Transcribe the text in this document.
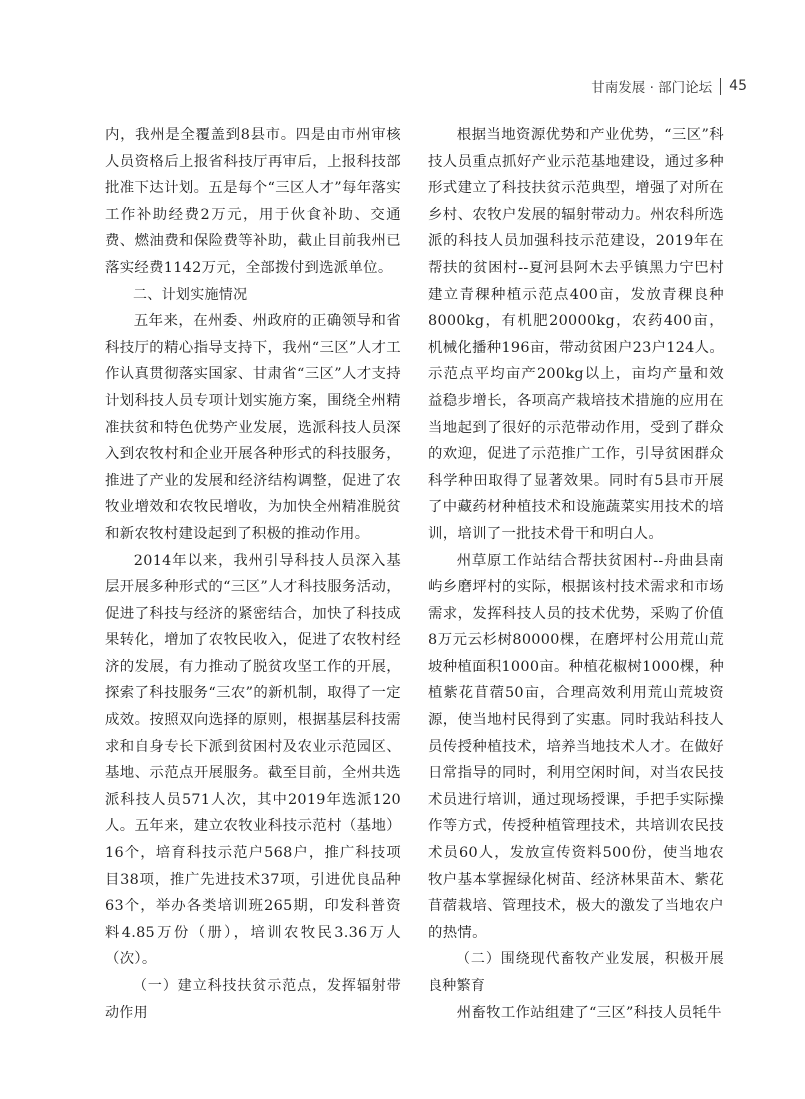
甘南发展 · 部门论坛 45

内，我州是全覆盖到8县市。四是由市州审核人员资格后上报省科技厅再审后，上报科技部批准下达计划。五是每个“三区人才”每年落实工作补助经费2万元，用于伙食补助、交通费、燃油费和保险费等补助，截止目前我州已落实经费1142万元，全部拨付到选派单位。

二、计划实施情况

五年来，在州委、州政府的正确领导和省科技厅的精心指导支持下，我州“三区”人才工作认真贯彻落实国家、甘肃省“三区”人才支持计划科技人员专项计划实施方案，围绕全州精准扶贫和特色优势产业发展，选派科技人员深入到农牧村和企业开展各种形式的科技服务，推进了产业的发展和经济结构调整，促进了农牧业增效和农牧民增收，为加快全州精准脱贫和新农牧村建设起到了积极的推动作用。

2014年以来，我州引导科技人员深入基层开展多种形式的“三区”人才科技服务活动，促进了科技与经济的紧密结合，加快了科技成果转化，增加了农牧民收入，促进了农牧村经济的发展，有力推动了脱贫攻坚工作的开展，探索了科技服务“三农”的新机制，取得了一定成效。按照双向选择的原则，根据基层科技需求和自身专长下派到贫困村及农业示范园区、基地、示范点开展服务。截至目前，全州共选派科技人员571人次，其中2019年选派120人。五年来，建立农牧业科技示范村（基地）16个，培育科技示范户568户，推广科技项目38项，推广先进技术37项，引进优良品种63个，举办各类培训班265期，印发科普资料4.85万份（册），培训农牧民3.36万人（次）。

（一）建立科技扶贫示范点，发挥辐射带动作用

根据当地资源优势和产业优势，“三区”科技人员重点抓好产业示范基地建设，通过多种形式建立了科技扶贫示范典型，增强了对所在乡村、农牧户发展的辐射带动力。州农科所选派的科技人员加强科技示范建设，2019年在帮扶的贫困村--夏河县阿木去乎镇黑力宁巴村建立青稞种植示范点400亩，发放青稞良种8000kg，有机肥20000kg，农药400亩，机械化播种196亩，带动贫困户23户124人。示范点平均亩产200kg以上，亩均产量和效益稳步增长，各项高产栽培技术措施的应用在当地起到了很好的示范带动作用，受到了群众的欢迎，促进了示范推广工作，引导贫困群众科学种田取得了显著效果。同时有5县市开展了中藏药材种植技术和设施蔬菜实用技术的培训，培训了一批技术骨干和明白人。

州草原工作站结合帮扶贫困村--舟曲县南屿乡磨坪村的实际，根据该村技术需求和市场需求，发挥科技人员的技术优势，采购了价值8万元云杉树80000棵，在磨坪村公用荒山荒坡种植面积1000亩。种植花椒树1000棵，种植紫花苜蓿50亩，合理高效利用荒山荒坡资源，使当地村民得到了实惠。同时我站科技人员传授种植技术，培养当地技术人才。在做好日常指导的同时，利用空闲时间，对当农民技术员进行培训，通过现场授课，手把手实际操作等方式，传授种植管理技术，共培训农民技术员60人，发放宣传资料500份，使当地农牧户基本掌握绿化树苗、经济林果苗木、紫花苜蓿栽培、管理技术，极大的激发了当地农户的热情。

（二）围绕现代畜牧产业发展，积极开展良种繁育

州畜牧工作站组建了“三区”科技人员牦牛
